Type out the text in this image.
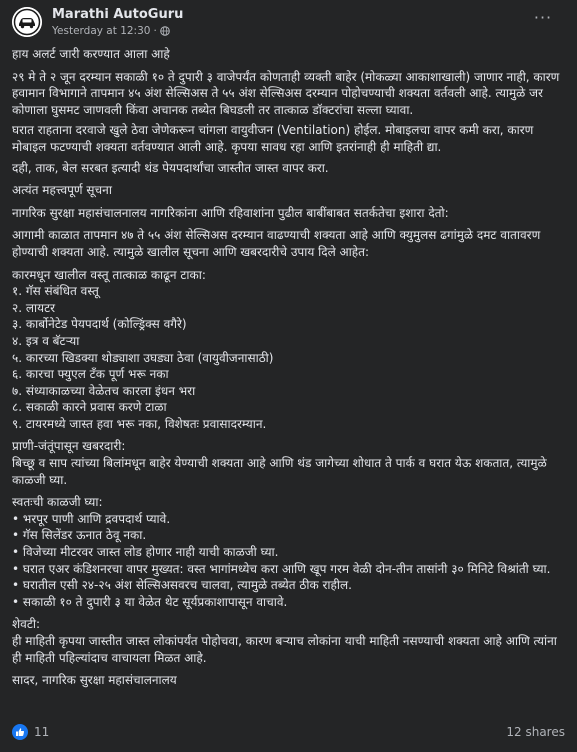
Marathi AutoGuru
Yesterday at 12:30 ·
···

हाय अलर्ट जारी करण्यात आला आहे

२९ मे ते २ जून दरम्यान सकाळी १० ते दुपारी ३ वाजेपर्यंत कोणताही व्यक्ती बाहेर (मोकळ्या आकाशाखाली) जाणार नाही, कारण हवामान विभागाने तापमान ४५ अंश सेल्सिअस ते ५५ अंश सेल्सिअस दरम्यान पोहोचण्याची शक्यता वर्तवली आहे. त्यामुळे जर कोणाला घुसमट जाणवली किंवा अचानक तब्येत बिघडली तर तात्काळ डॉक्टरांचा सल्ला घ्यावा.

घरात राहताना दरवाजे खुले ठेवा जेणेकरून चांगला वायुवीजन (Ventilation) होईल. मोबाइलचा वापर कमी करा, कारण मोबाइल फटण्याची शक्यता वर्तवण्यात आली आहे. कृपया सावध रहा आणि इतरांनाही ही माहिती द्या.

दही, ताक, बेल सरबत इत्यादी थंड पेयपदार्थांचा जास्तीत जास्त वापर करा.

अत्यंत महत्त्वपूर्ण सूचना

नागरिक सुरक्षा महासंचालनालय नागरिकांना आणि रहिवाशांना पुढील बाबींबाबत सतर्कतेचा इशारा देतो:

आगामी काळात तापमान ४७ ते ५५ अंश सेल्सिअस दरम्यान वाढण्याची शक्यता आहे आणि क्युमुलस ढगांमुळे दमट वातावरण होण्याची शक्यता आहे. त्यामुळे खालील सूचना आणि खबरदारीचे उपाय दिले आहेत:

कारमधून खालील वस्तू तात्काळ काढून टाका:

१. गॅस संबंधित वस्तू
२. लायटर
३. कार्बोनेटेड पेयपदार्थ (कोल्ड्रिंक्स वगैरे)
४. इत्र व बॅटऱ्या
५. कारच्या खिडक्या थोड्याशा उघड्या ठेवा (वायुवीजनासाठी)
६. कारचा फ्युएल टँक पूर्ण भरू नका
७. संध्याकाळच्या वेळेतच कारला इंधन भरा
८. सकाळी कारने प्रवास करणे टाळा
९. टायरमध्ये जास्त हवा भरू नका, विशेषतः प्रवासादरम्यान.

प्राणी-जंतूंपासून खबरदारी:

बिच्छू व साप त्यांच्या बिलांमधून बाहेर येण्याची शक्यता आहे आणि थंड जागेच्या शोधात ते पार्क व घरात येऊ शकतात, त्यामुळे काळजी घ्या.

स्वतःची काळजी घ्या:

• भरपूर पाणी आणि द्रवपदार्थ प्यावे.
• गॅस सिलेंडर ऊनात ठेवू नका.
• विजेच्या मीटरवर जास्त लोड होणार नाही याची काळजी घ्या.
• घरात एअर कंडिशनरचा वापर मुख्यत: वस्त भागांमध्येच करा आणि खूप गरम वेळी दोन-तीन तासांनी ३० मिनिटे विश्रांती घ्या.
• घरातील एसी २४-२५ अंश सेल्सिअसवरच चालवा, त्यामुळे तब्येत ठीक राहील.
• सकाळी १० ते दुपारी ३ या वेळेत थेट सूर्यप्रकाशापासून वाचावे.

शेवटी:

ही माहिती कृपया जास्तीत जास्त लोकांपर्यंत पोहोचवा, कारण बऱ्याच लोकांना याची माहिती नसण्याची शक्यता आहे आणि त्यांना ही माहिती पहिल्यांदाच वाचायला मिळत आहे.

सादर, नागरिक सुरक्षा महासंचालनालय

11	12 shares
